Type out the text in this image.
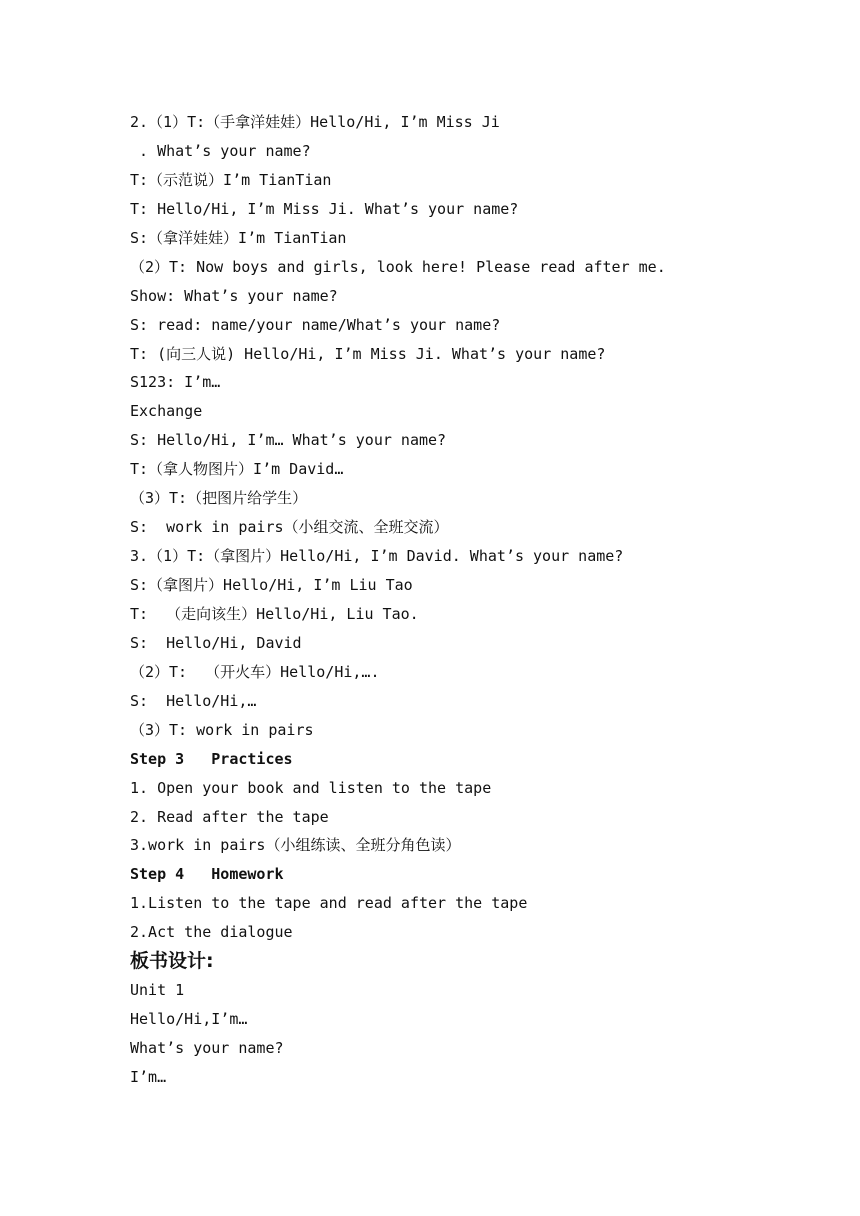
2.（1）T:（手拿洋娃娃）Hello/Hi, I’m Miss Ji
. What’s your name?
T:（示范说）I’m TianTian
T: Hello/Hi, I’m Miss Ji. What’s your name?
S:（拿洋娃娃）I’m TianTian
（2）T: Now boys and girls, look here! Please read after me.
Show: What’s your name?
S: read: name/your name/What’s your name?
T: (向三人说) Hello/Hi, I’m Miss Ji. What’s your name?
S123: I’m…
Exchange
S: Hello/Hi, I’m… What’s your name?
T:（拿人物图片）I’m David…
（3）T:（把图片给学生）
S:  work in pairs（小组交流、全班交流）
3.（1）T:（拿图片）Hello/Hi, I’m David. What’s your name?
S:（拿图片）Hello/Hi, I’m Liu Tao
T:  （走向该生）Hello/Hi, Liu Tao.
S:  Hello/Hi, David
（2）T:  （开火车）Hello/Hi,….
S:  Hello/Hi,…
（3）T: work in pairs
Step 3   Practices
1. Open your book and listen to the tape
2. Read after the tape
3.work in pairs（小组练读、全班分角色读）
Step 4   Homework
1.Listen to the tape and read after the tape
2.Act the dialogue
板书设计:
Unit 1
Hello/Hi,I’m…
What’s your name?
I’m…
